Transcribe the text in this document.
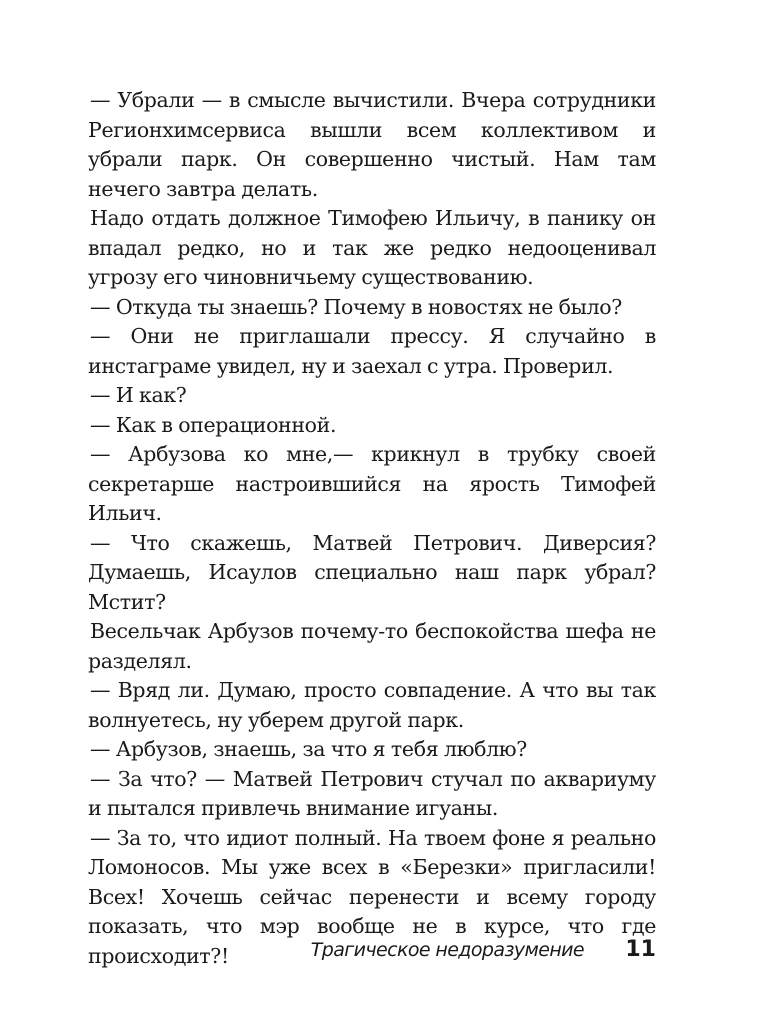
— Убрали — в смысле вычистили. Вчера сотрудники Регионхимсервиса вышли всем коллективом и убрали парк. Он совершенно чистый. Нам там нечего завтра делать.

Надо отдать должное Тимофею Ильичу, в панику он впадал редко, но и так же редко недооценивал угрозу его чиновничьему существованию.

— Откуда ты знаешь? Почему в новостях не было?

— Они не приглашали прессу. Я случайно в инстаграме увидел, ну и заехал с утра. Проверил.

— И как?

— Как в операционной.

— Арбузова ко мне,— крикнул в трубку своей секретарше настроившийся на ярость Тимофей Ильич.

— Что скажешь, Матвей Петрович. Диверсия? Думаешь, Исаулов специально наш парк убрал? Мстит?

Весельчак Арбузов почему-то беспокойства шефа не разделял.

— Вряд ли. Думаю, просто совпадение. А что вы так волнуетесь, ну уберем другой парк.

— Арбузов, знаешь, за что я тебя люблю?

— За что? — Матвей Петрович стучал по аквариуму и пытался привлечь внимание игуаны.

— За то, что идиот полный. На твоем фоне я реально Ломоносов. Мы уже всех в «Березки» пригласили! Всех! Хочешь сейчас перенести и всему городу показать, что мэр вообще не в курсе, что где происходит?!	Трагическое недоразумение 11
